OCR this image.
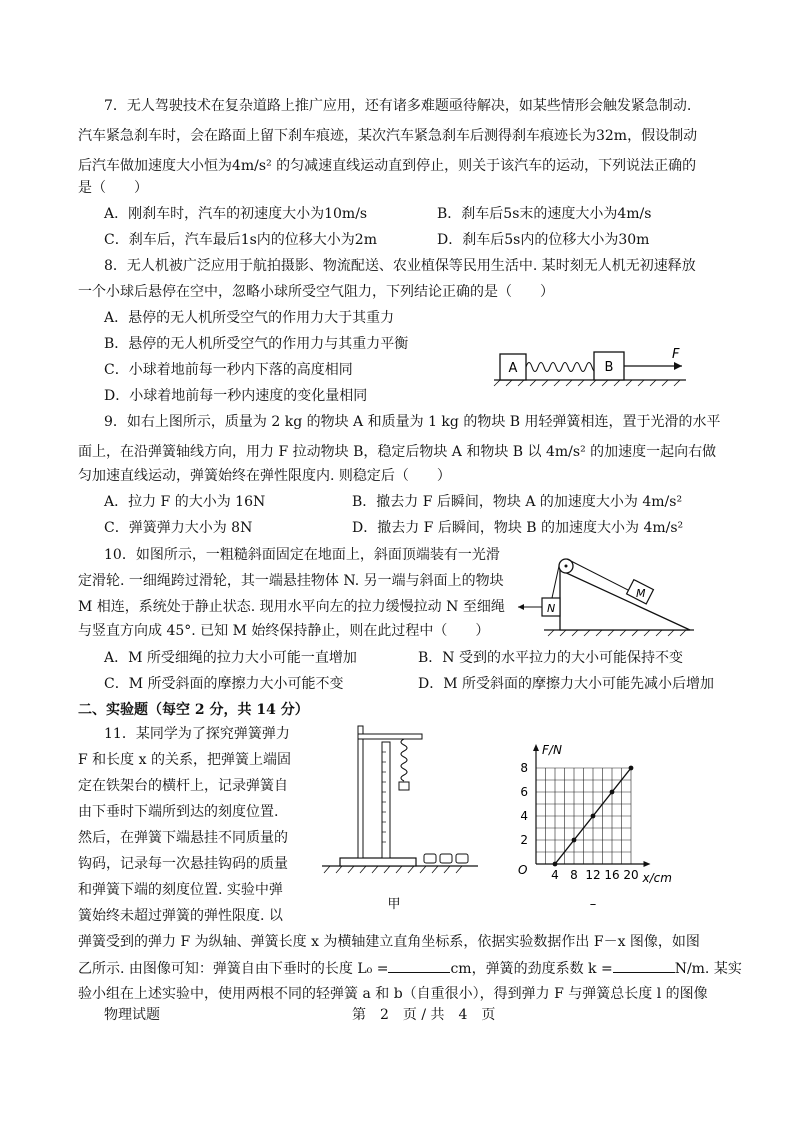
7．无人驾驶技术在复杂道路上推广应用，还有诸多难题亟待解决，如某些情形会触发紧急制动.
汽车紧急刹车时，会在路面上留下刹车痕迹，某次汽车紧急刹车后测得刹车痕迹长为32m，假设制动
后汽车做加速度大小恒为4m/s² 的匀减速直线运动直到停止，则关于该汽车的运动，下列说法正确的
是（　　）
A．刚刹车时，汽车的初速度大小为10m/s	B．刹车后5s末的速度大小为4m/s
C．刹车后，汽车最后1s内的位移大小为2m	D．刹车后5s内的位移大小为30m
8．无人机被广泛应用于航拍摄影、物流配送、农业植保等民用生活中. 某时刻无人机无初速释放
一个小球后悬停在空中，忽略小球所受空气阻力，下列结论正确的是（　　）
A．悬停的无人机所受空气的作用力大于其重力
B．悬停的无人机所受空气的作用力与其重力平衡
C．小球着地前每一秒内下落的高度相同
D．小球着地前每一秒内速度的变化量相同
A	B
F
9．如右上图所示，质量为 2 kg 的物块 A 和质量为 1 kg 的物块 B 用轻弹簧相连，置于光滑的水平
面上，在沿弹簧轴线方向，用力 F 拉动物块 B，稳定后物块 A 和物块 B 以 4m/s² 的加速度一起向右做
匀加速直线运动，弹簧始终在弹性限度内. 则稳定后（　　）
A．拉力 F 的大小为 16N	B．撤去力 F 后瞬间，物块 A 的加速度大小为 4m/s²
C．弹簧弹力大小为 8N	D．撤去力 F 后瞬间，物块 B 的加速度大小为 4m/s²
10．如图所示，一粗糙斜面固定在地面上，斜面顶端装有一光滑
定滑轮. 一细绳跨过滑轮，其一端悬挂物体 N. 另一端与斜面上的物块
M 相连，系统处于静止状态. 现用水平向左的拉力缓慢拉动 N 至细绳
与竖直方向成 45°. 已知 M 始终保持静止，则在此过程中（　　）
M
N
A．M 所受细绳的拉力大小可能一直增加	B．N 受到的水平拉力的大小可能保持不变
C．M 所受斜面的摩擦力大小可能不变	D．M 所受斜面的摩擦力大小可能先减小后增加
二、实验题（每空 2 分，共 14 分）
11．某同学为了探究弹簧弹力
F 和长度 x 的关系，把弹簧上端固
定在铁架台的横杆上，记录弹簧自
由下垂时下端所到达的刻度位置.
然后，在弹簧下端悬挂不同质量的
钩码，记录每一次悬挂钩码的质量
和弹簧下端的刻度位置. 实验中弹
簧始终未超过弹簧的弹性限度. 以
弹簧受到的弹力 F 为纵轴、弹簧长度 x 为横轴建立直角坐标系，依据实验数据作出 F－x 图像，如图
乙所示. 由图像可知：弹簧自由下垂时的长度 L₀ =	cm，弹簧的劲度系数 k =	N/m. 某实
验小组在上述实验中，使用两根不同的轻弹簧 a 和 b（自重很小），得到弹力 F 与弹簧总长度 l 的图像
甲
4 8 12 16 20
2
4
6
8
O
x/cm
F/N
–
物理试题	第　2　页 / 共　4　页
